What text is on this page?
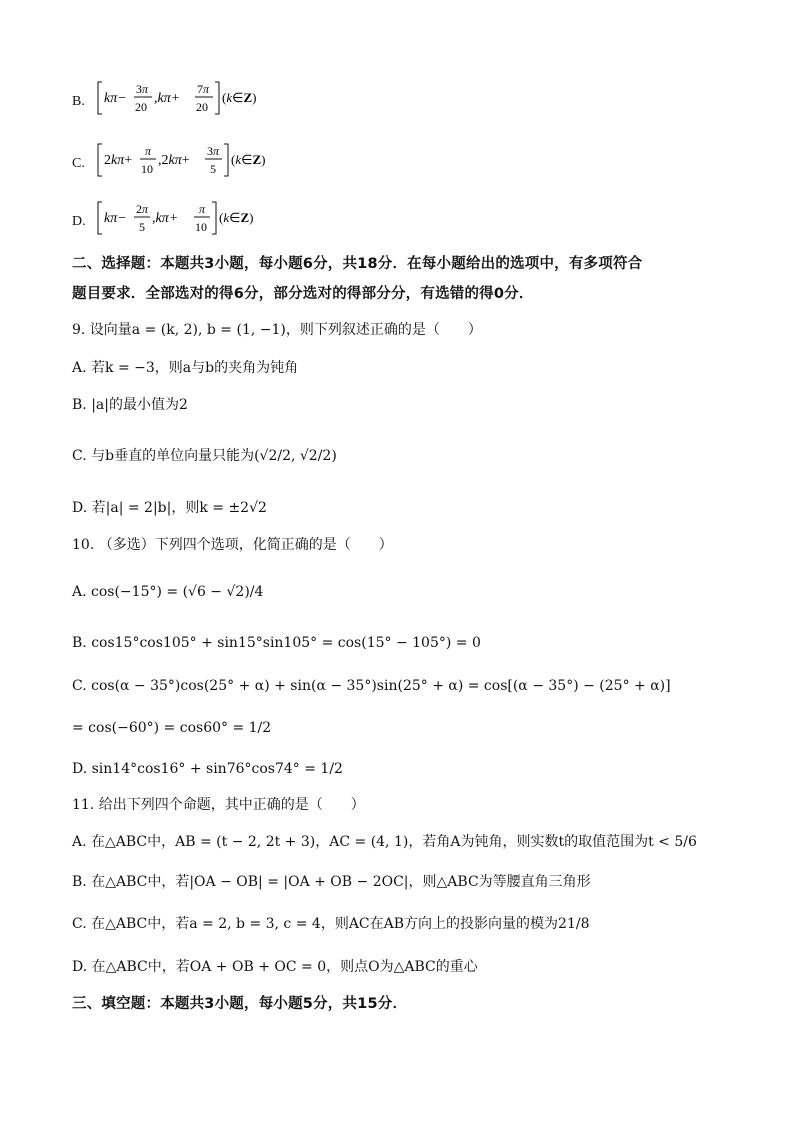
B. kπ−
3π
20
,kπ+
7π
20
(k∈Z)
C. 2kπ+
π
10
,2kπ+
3π
5
(k∈Z)
D. kπ−
2π
5
,kπ+
π
10
(k∈Z)
二、选择题：本题共3小题，每小题6分，共18分．在每小题给出的选项中，有多项符合
题目要求．全部选对的得6分，部分选对的得部分分，有选错的得0分．
9. 设向量a = (k, 2), b = (1, −1)，则下列叙述正确的是（　　）
A. 若k = −3，则a与b的夹角为钝角
B. |a|的最小值为2
C. 与b垂直的单位向量只能为(√2/2, √2/2)
D. 若|a| = 2|b|，则k = ±2√2
10. （多选）下列四个选项，化简正确的是（　　）
A. cos(−15°) = (√6 − √2)/4
B. cos15°cos105° + sin15°sin105° = cos(15° − 105°) = 0
C. cos(α − 35°)cos(25° + α) + sin(α − 35°)sin(25° + α) = cos[(α − 35°) − (25° + α)]
= cos(−60°) = cos60° = 1/2
D. sin14°cos16° + sin76°cos74° = 1/2
11. 给出下列四个命题，其中正确的是（　　）
A. 在△ABC中，AB = (t − 2, 2t + 3)，AC = (4, 1)，若角A为钝角，则实数t的取值范围为t < 5/6
B. 在△ABC中，若|OA − OB| = |OA + OB − 2OC|，则△ABC为等腰直角三角形
C. 在△ABC中，若a = 2, b = 3, c = 4，则AC在AB方向上的投影向量的模为21/8
D. 在△ABC中，若OA + OB + OC = 0，则点O为△ABC的重心
三、填空题：本题共3小题，每小题5分，共15分．
